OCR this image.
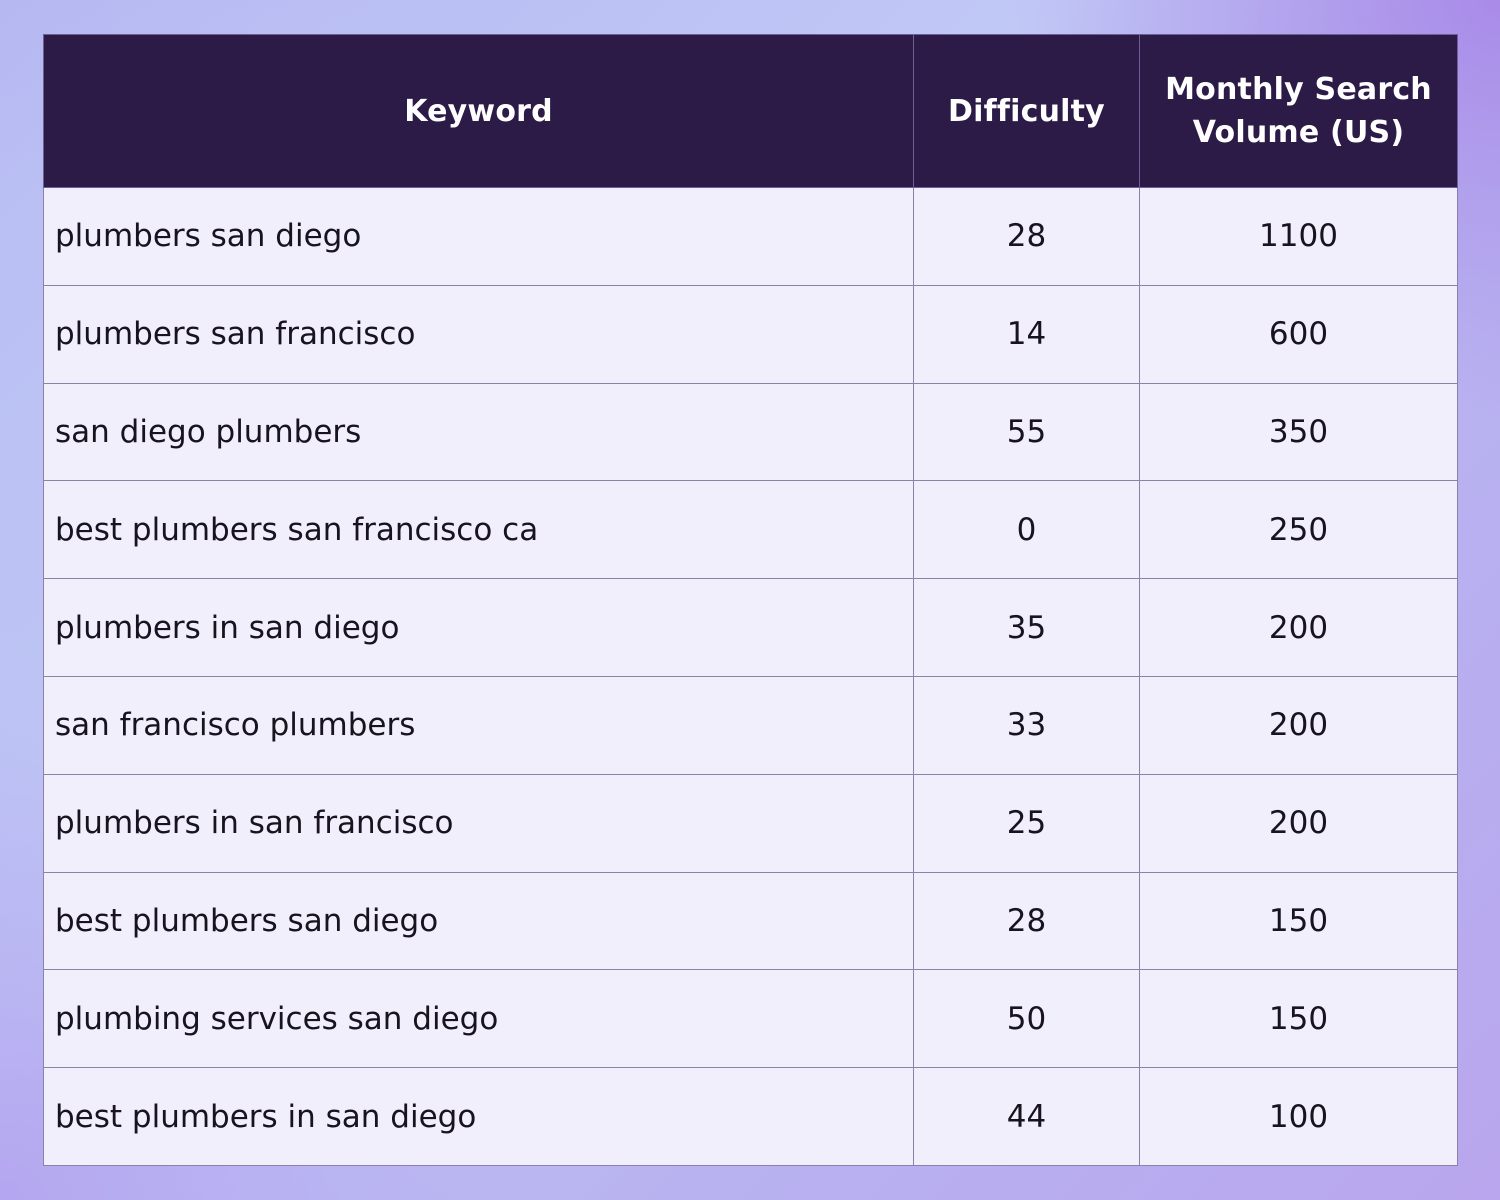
Keyword	Difficulty	Monthly Search Volume (US)
plumbers san diego	28	1100
plumbers san francisco	14	600
san diego plumbers	55	350
best plumbers san francisco ca	0	250
plumbers in san diego	35	200
san francisco plumbers	33	200
plumbers in san francisco	25	200
best plumbers san diego	28	150
plumbing services san diego	50	150
best plumbers in san diego	44	100
